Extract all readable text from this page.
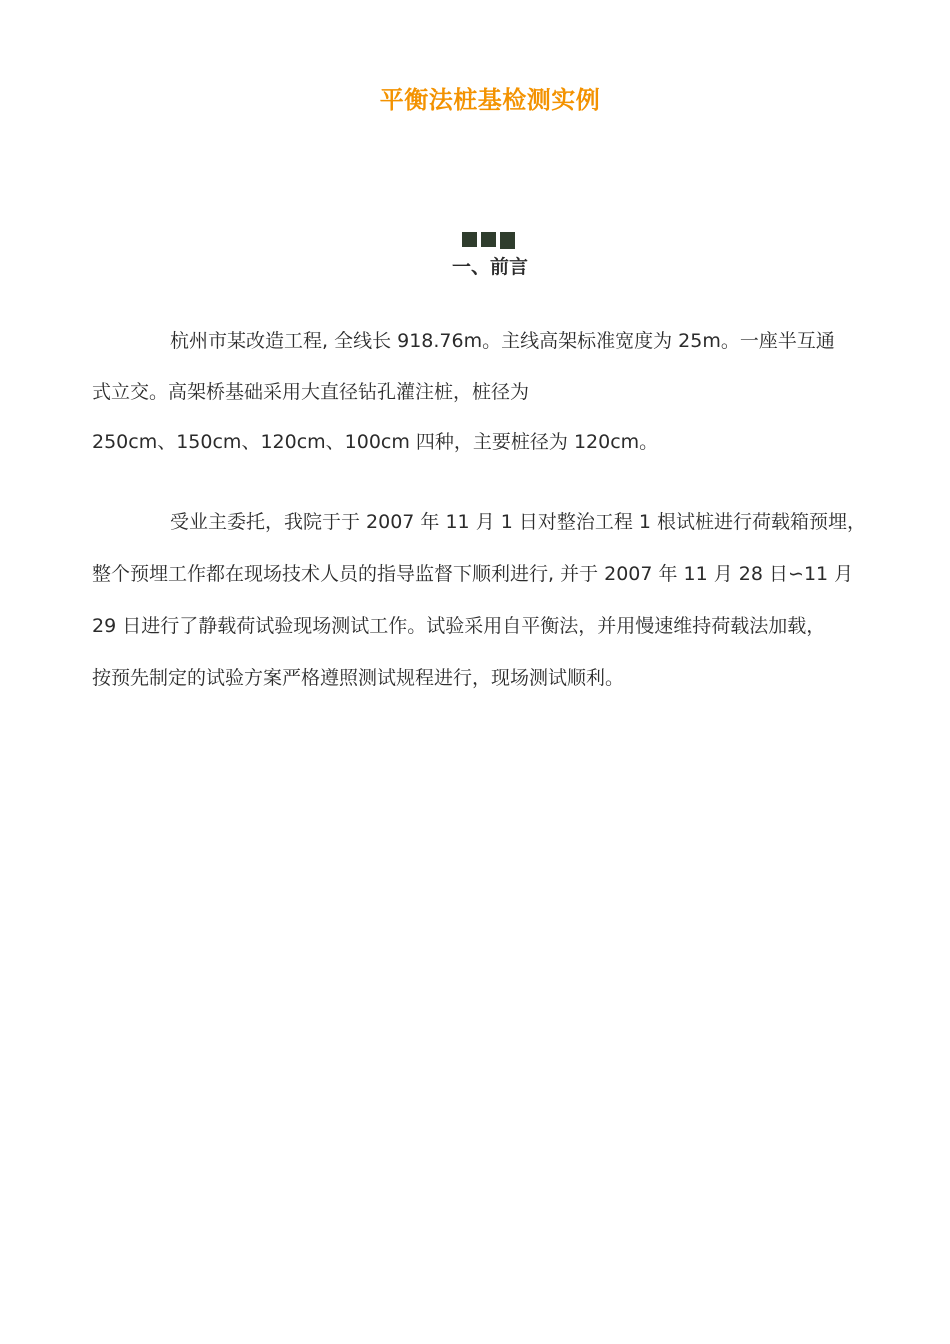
平衡法桩基检测实例
一、前言
杭州市某改造工程, 全线长 918.76m。主线高架标准宽度为 25m。一座半互通
式立交。高架桥基础采用大直径钻孔灌注桩，桩径为
250cm、150cm、120cm、100cm 四种，主要桩径为 120cm。
受业主委托，我院于于 2007 年 11 月 1 日对整治工程 1 根试桩进行荷载箱预埋，
整个预埋工作都在现场技术人员的指导监督下顺利进行, 并于 2007 年 11 月 28 日∽11 月
29 日进行了静载荷试验现场测试工作。试验采用自平衡法，并用慢速维持荷载法加载，
按预先制定的试验方案严格遵照测试规程进行，现场测试顺利。
